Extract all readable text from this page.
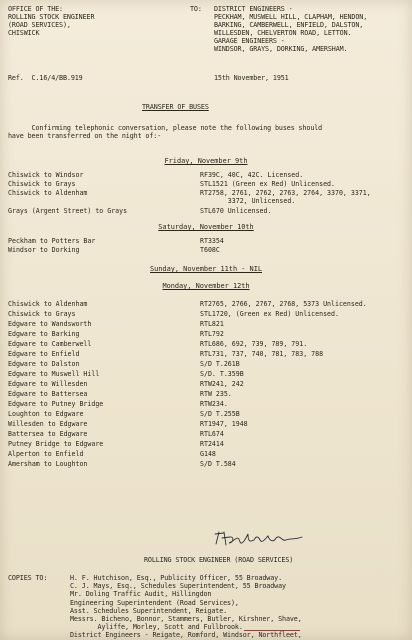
OFFICE OF THE:
ROLLING STOCK ENGINEER
(ROAD SERVICES),
CHISWICK
TO: DISTRICT ENGINEERS -
PECKHAM, MUSWELL HILL, CLAPHAM, HENDON,
BARKING, CAMBERWELL, ENFIELD, DALSTON,
WILLESDEN, CHELVERTON ROAD, LETTON.
GARAGE ENGINEERS -
WINDSOR, GRAYS, DORKING, AMERSHAM.
Ref.  C.16/4/BB.919	15th November, 1951
TRANSFER OF BUSES
Confirming telephonic conversation, please note the following buses should
have been transferred on the night of:-
Friday, November 9th
Chiswick to Windsor	RF39C, 40C, 42C. Licensed.
Chiswick to Grays	STL1521 (Green ex Red) Unlicensed.
Chiswick to Aldenham	RT2758, 2761, 2762, 2763, 2764, 3370, 3371,
3372, Unlicensed.
Grays (Argent Street) to Grays	STL670 Unlicensed.
Saturday, November 10th
Peckham to Potters Bar	RT3354
Windsor to Dorking	T608C
Sunday, November 11th - NIL
Monday, November 12th
Chiswick to Aldenham	RT2765, 2766, 2767, 2768, 5373 Unlicensed.
Chiswick to Grays	STL1720, (Green ex Red) Unlicensed.
Edgware to Wandsworth	RTL821
Edgware to Barking	RTL792
Edgware to Camberwell	RTL686, 692, 739, 789, 791.
Edgware to Enfield	RTL731, 737, 740, 781, 783, 788
Edgware to Dalston	S/D T.261B
Edgware to Muswell Hill	S/D. T.359B
Edgware to Willesden	RTW241, 242
Edgware to Battersea	RTW 235.
Edgware to Putney Bridge	RTW234.
Loughton to Edgware	S/D T.255B
Willesden to Edgware	RT1947, 1948
Battersea to Edgware	RTL674
Putney Bridge to Edgware	RT2414
Alperton to Enfield	G148
Amersham to Loughton	S/D T.584
ROLLING STOCK ENGINEER (ROAD SERVICES)
COPIES TO:	H. F. Hutchison, Esq., Publicity Officer, 55 Broadway.
C. J. Mays, Esq., Schedules Superintendent, 55 Broadway
Mr. Doling Traffic Audit, Hillingdon
Engineering Superintendent (Road Services),
Asst. Schedules Superintendent, Reigate.
Messrs. Bicheno, Bonnor, Stammers, Butler, Kirshner, Shave,
Ayliffe, Morley, Scott and Fullbrook.
District Engineers - Reigate, Romford, Windsor, Northfleet,
